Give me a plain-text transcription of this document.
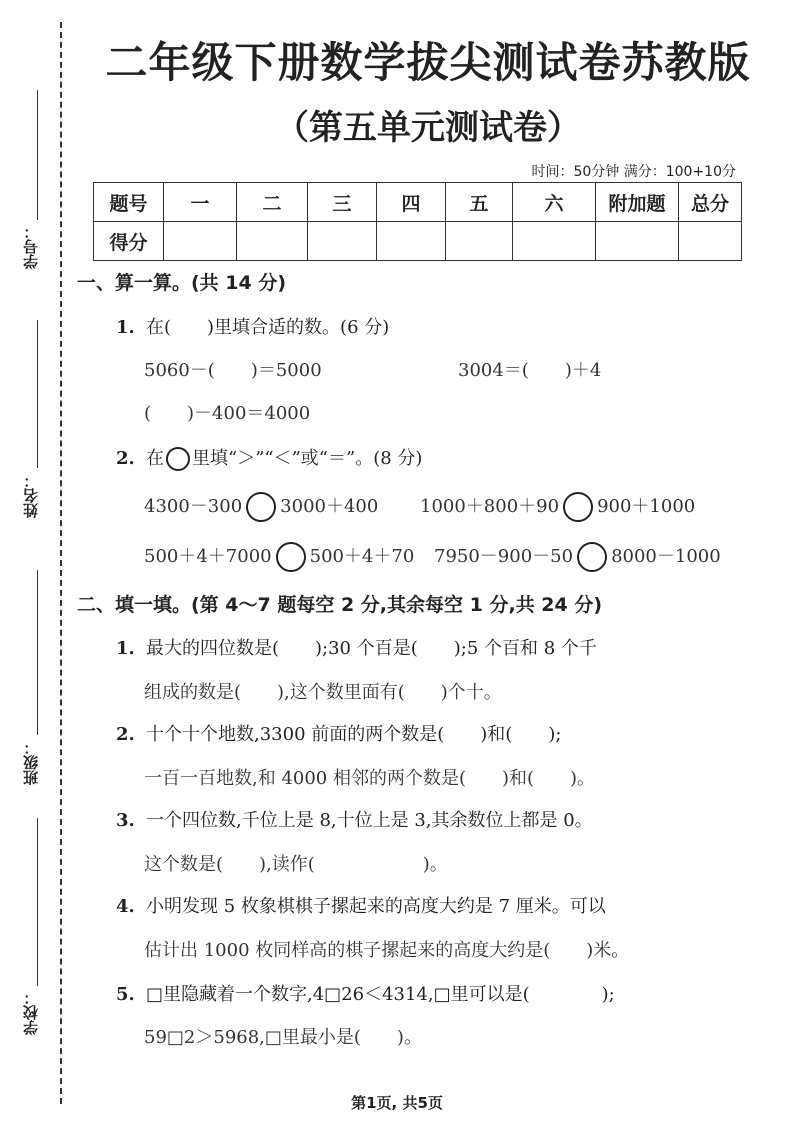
学号：
姓名：
班级：
学校：
二年级下册数学拔尖测试卷苏教版
（第五单元测试卷）
时间：50分钟 满分：100+10分
题号	一	二	三	四	五	六	附加题	总分
得分								
一、算一算。(共 14 分)
1. 在(　　)里填合适的数。(6 分)
5060－(　　)＝5000	3004＝(　　)＋4
(　　)－400＝4000
2. 在 里填“＞”“＜”或“＝”。(8 分)
4300－300 3000＋400 1000＋800＋90 900＋1000
500＋4＋7000 500＋4＋70 7950－900－50 8000－1000
二、填一填。(第 4～7 题每空 2 分,其余每空 1 分,共 24 分)
1. 最大的四位数是(　　);30 个百是(　　);5 个百和 8 个千
组成的数是(　　),这个数里面有(　　)个十。
2. 十个十个地数,3300 前面的两个数是(　　)和(　　);
一百一百地数,和 4000 相邻的两个数是(　　)和(　　)。
3. 一个四位数,千位上是 8,十位上是 3,其余数位上都是 0。
这个数是(　　),读作(　　　　　　)。
4. 小明发现 5 枚象棋棋子摞起来的高度大约是 7 厘米。可以
估计出 1000 枚同样高的棋子摞起来的高度大约是(　　)米。
5. □里隐藏着一个数字,4□26＜4314,□里可以是(　　　　);
59□2＞5968,□里最小是(　　)。
第1页, 共5页
